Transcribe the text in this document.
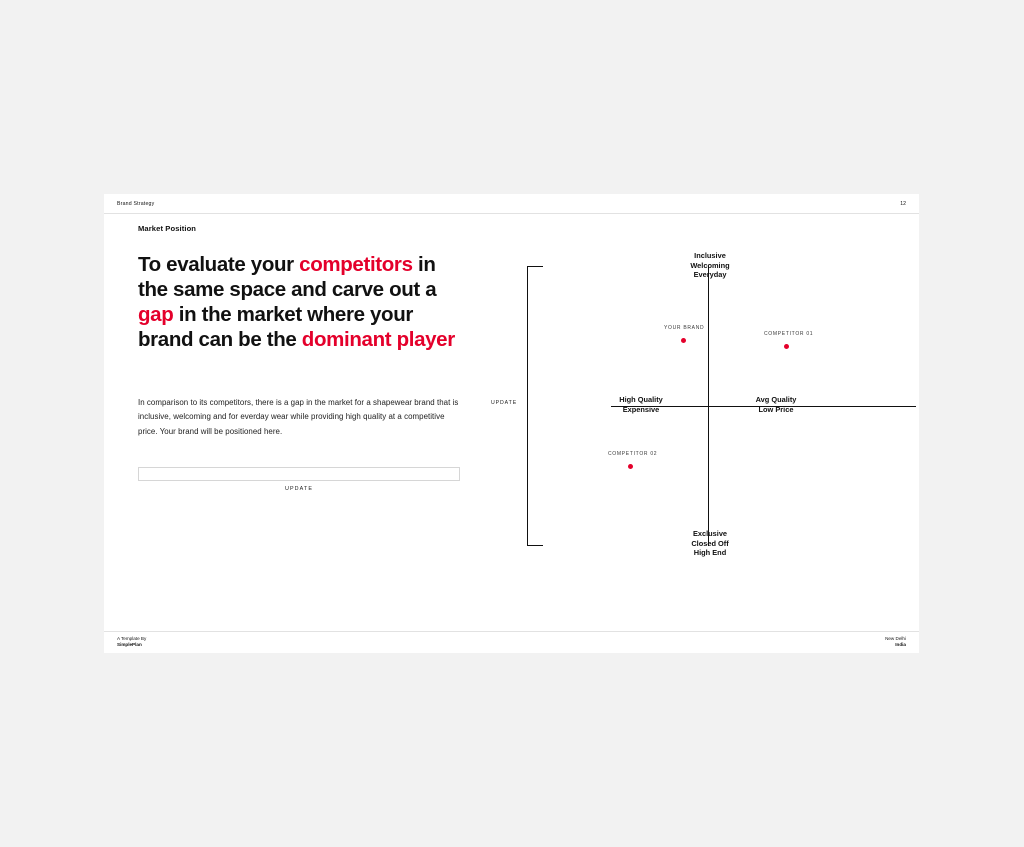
Brand Strategy	12
Market Position
To evaluate your competitors in the same space and carve out a gap in the market where your brand can be the dominant player
In comparison to its competitors, there is a gap in the market for a shapewear brand that is inclusive, welcoming and for everday wear while providing high quality at a competitive price. Your brand will be positioned here.
UPDATE
UPDATE
Inclusive
Welcoming
Everyday
Exclusive
Closed Off
High End
High Quality
Expensive
Avg Quality
Low Price
YOUR BRAND
COMPETITOR 01
COMPETITOR 02
A Template By
SimplePlan
New Delhi
India
